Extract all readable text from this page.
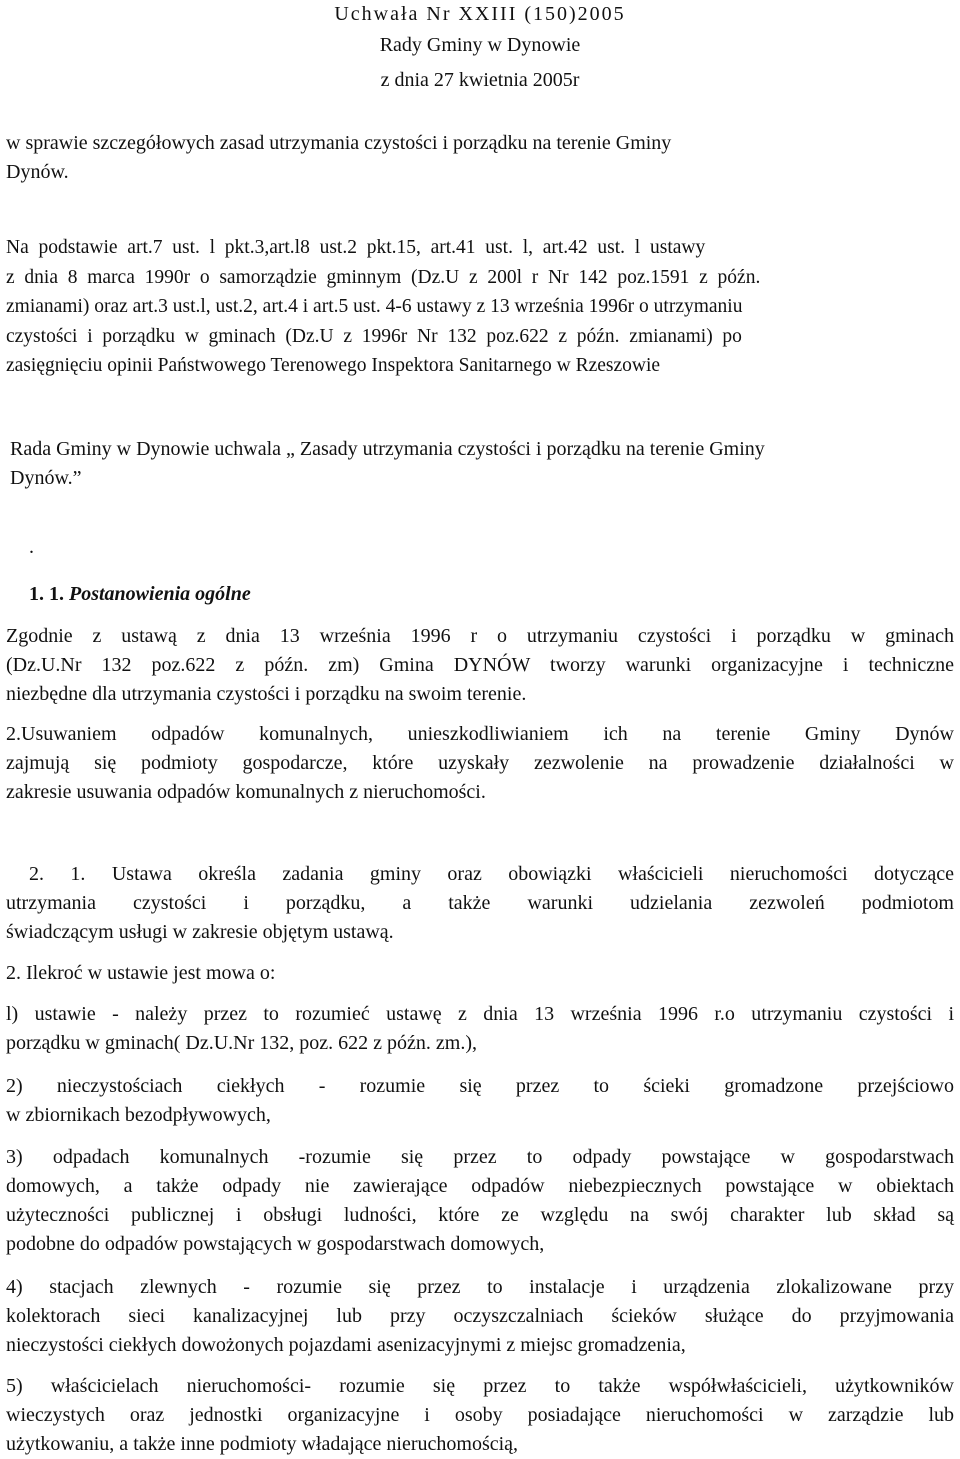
Uchwała Nr XXIII (150)2005

Rady Gminy w Dynowie

z dnia 27 kwietnia 2005r

w sprawie szczegółowych zasad utrzymania czystości i porządku na terenie Gminy
Dynów.
Na  podstawie  art.7  ust.  l  pkt.3,art.l8  ust.2  pkt.15,  art.41  ust.  l,  art.42  ust.  l  ustawy
z  dnia  8  marca  1990r  o  samorządzie  gminnym  (Dz.U  z  200l  r  Nr  142  poz.1591  z  późn.
zmianami) oraz art.3 ust.l, ust.2, art.4 i art.5 ust. 4-6 ustawy z 13 września 1996r o utrzymaniu
czystości  i  porządku  w  gminach  (Dz.U  z  1996r  Nr  132  poz.622  z  późn.  zmianami)  po
zasięgnięciu opinii Państwowego Terenowego Inspektora Sanitarnego w Rzeszowie
Rada Gminy w Dynowie uchwala „ Zasady utrzymania czystości i porządku na terenie Gminy
Dynów.”

.

1. 1. Postanowienia ogólne

Zgodnie z ustawą z dnia 13 września 1996 r o utrzymaniu czystości i porządku w gminach
(Dz.U.Nr 132 poz.622 z późn. zm) Gmina DYNÓW tworzy warunki organizacyjne i techniczne
niezbędne dla utrzymania czystości i porządku na swoim terenie.
2.Usuwaniem odpadów komunalnych, unieszkodliwianiem ich na terenie Gminy Dynów
zajmują się podmioty gospodarcze, które uzyskały zezwolenie na prowadzenie działalności w
zakresie usuwania odpadów komunalnych z nieruchomości.
2. 1. Ustawa określa zadania gminy oraz obowiązki właścicieli nieruchomości dotyczące
utrzymania czystości i porządku, a także warunki udzielania zezwoleń podmiotom
świadczącym usługi w zakresie objętym ustawą.

2. Ilekroć w ustawie jest mowa o:

l) ustawie - należy przez to rozumieć ustawę z dnia 13 września 1996 r.o utrzymaniu czystości i
porządku w gminach( Dz.U.Nr 132, poz. 622 z późn. zm.),
2) nieczystościach ciekłych - rozumie się przez to ścieki gromadzone przejściowo
w zbiornikach bezodpływowych,
3) odpadach komunalnych -rozumie się przez to odpady powstające w gospodarstwach
domowych, a także odpady nie zawierające odpadów niebezpiecznych powstające w obiektach
użyteczności publicznej i obsługi ludności, które ze względu na swój charakter lub skład są
podobne do odpadów powstających w gospodarstwach domowych,
4) stacjach zlewnych - rozumie się przez to instalacje i urządzenia zlokalizowane przy
kolektorach sieci kanalizacyjnej lub przy oczyszczalniach ścieków służące do przyjmowania
nieczystości ciekłych dowożonych pojazdami asenizacyjnymi z miejsc gromadzenia,
5) właścicielach nieruchomości- rozumie się przez to także współwłaścicieli, użytkowników
wieczystych oraz jednostki organizacyjne i osoby posiadające nieruchomości w zarządzie lub
użytkowaniu, a także inne podmioty władające nieruchomością,
